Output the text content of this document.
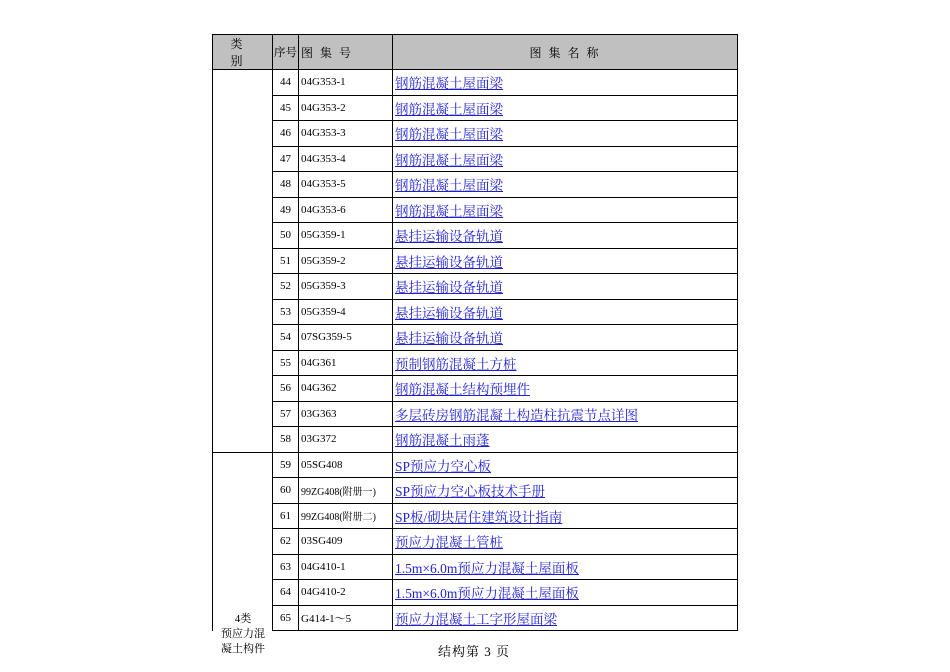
类 别	序号	图 集 号	图 集 名 称
	44	04G353-1	钢筋混凝土屋面梁
	45	04G353-2	钢筋混凝土屋面梁
	46	04G353-3	钢筋混凝土屋面梁
	47	04G353-4	钢筋混凝土屋面梁
	48	04G353-5	钢筋混凝土屋面梁
	49	04G353-6	钢筋混凝土屋面梁
	50	05G359-1	悬挂运输设备轨道
	51	05G359-2	悬挂运输设备轨道
	52	05G359-3	悬挂运输设备轨道
	53	05G359-4	悬挂运输设备轨道
	54	07SG359-5	悬挂运输设备轨道
	55	04G361	预制钢筋混凝土方桩
	56	04G362	钢筋混凝土结构预埋件
	57	03G363	多层砖房钢筋混凝土构造柱抗震节点详图
	58	03G372	钢筋混凝土雨蓬
	59	05SG408	SP预应力空心板
	60	99ZG408(附册一)	SP预应力空心板技术手册
	61	99ZG408(附册二)	SP板/砌块居住建筑设计指南
	62	03SG409	预应力混凝土管桩
	63	04G410-1	1.5m×6.0m预应力混凝土屋面板
	64	04G410-2	1.5m×6.0m预应力混凝土屋面板
	65	G414-1～5	预应力混凝土工字形屋面梁
4类
预应力混
凝土构件	结构第 3 页
